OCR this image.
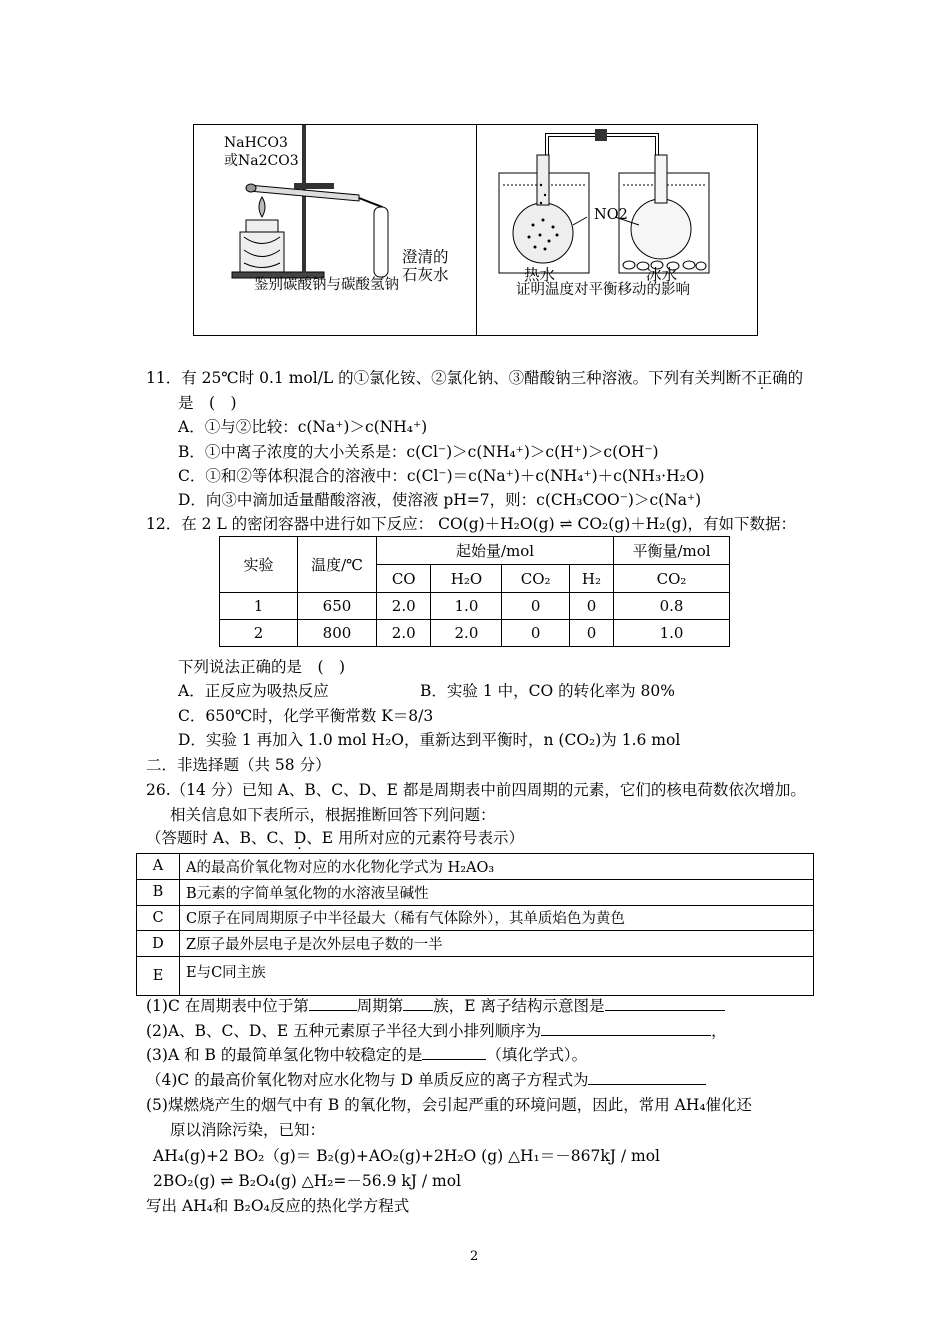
NaHCO3
或Na2CO3
澄清的
石灰水
鉴别碳酸钠与碳酸氢钠
NO2
热水	冰水
证明温度对平衡移动的影响
11．有 25℃时 0.1 mol/L 的①氯化铵、②氯化钠、③醋酸钠三种溶液。下列有关判断不正确的
是　(　)
A．①与②比较：c(Na⁺)＞c(NH₄⁺)
B．①中离子浓度的大小关系是：c(Cl⁻)＞c(NH₄⁺)＞c(H⁺)＞c(OH⁻)
C．①和②等体积混合的溶液中：c(Cl⁻)＝c(Na⁺)＋c(NH₄⁺)＋c(NH₃·H₂O)
D．向③中滴加适量醋酸溶液，使溶液 pH=7，则：c(CH₃COO⁻)＞c(Na⁺)
12．在 2 L 的密闭容器中进行如下反应： CO(g)＋H₂O(g) ⇌ CO₂(g)＋H₂(g)，有如下数据：
实验	温度/℃	起始量/mol				平衡量/mol
		CO	H₂O	CO₂	H₂	CO₂
1	650	2.0	1.0	0	0	0.8
2	800	2.0	2.0	0	0	1.0
下列说法正确的是　(　)
A．正反应为吸热反应	B．实验 1 中，CO 的转化率为 80%
C．650℃时，化学平衡常数 K＝8/3
D．实验 1 再加入 1.0 mol H₂O，重新达到平衡时，n (CO₂)为 1.6 mol
二．非选择题（共 58 分）
26.（14 分）已知 A、B、C、D、E 都是周期表中前四周期的元素，它们的核电荷数依次增加。
相关信息如下表所示，根据推断回答下列问题：
（答题时 A、B、C、D、E 用所对应的元素符号表示） ·
A	A的最高价氧化物对应的水化物化学式为 H₂AO₃
B	B元素的字简单氢化物的水溶液呈碱性
C	C原子在同周期原子中半径最大（稀有气体除外），其单质焰色为黄色
D	Z原子最外层电子是次外层电子数的一半
E	E与C同主族
(1)C 在周期表中位于第	周期第 族，E 离子结构示意图是
(2)A、B、C、D、E 五种元素原子半径大到小排列顺序为	，
(3)A 和 B 的最简单氢化物中较稳定的是	（填化学式）。
（4)C 的最高价氧化物对应水化物与 D 单质反应的离子方程式为
(5)煤燃烧产生的烟气中有 B 的氧化物，会引起严重的环境问题，因此，常用 AH₄催化还
原以消除污染，已知：
AH₄(g)+2 BO₂（g)＝ B₂(g)+AO₂(g)+2H₂O (g) △H₁＝－867kJ / mol
2BO₂(g) ⇌ B₂O₄(g) △H₂=－56.9 kJ / mol
写出 AH₄和 B₂O₄反应的热化学方程式
2
